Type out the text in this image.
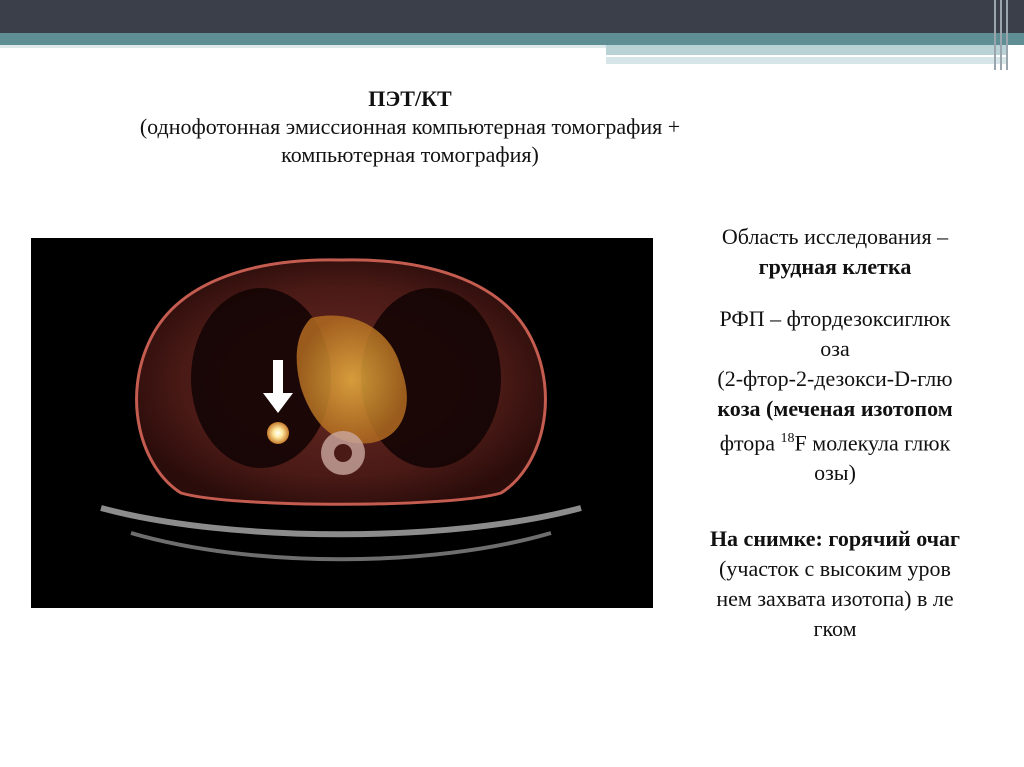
ПЭТ/КТ
(однофотонная эмиссионная компьютерная томография +
компьютерная томография)

Область исследования –
грудная клетка

РФП – фтордезоксиглюк
оза
(2-фтор-2-дезокси-D-глю
коза (меченая изотопом
фтора $^{18}$F молекула глюк
озы)

На снимке: горячий очаг
(участок с высоким уров
нем захвата изотопа) в ле
гком
